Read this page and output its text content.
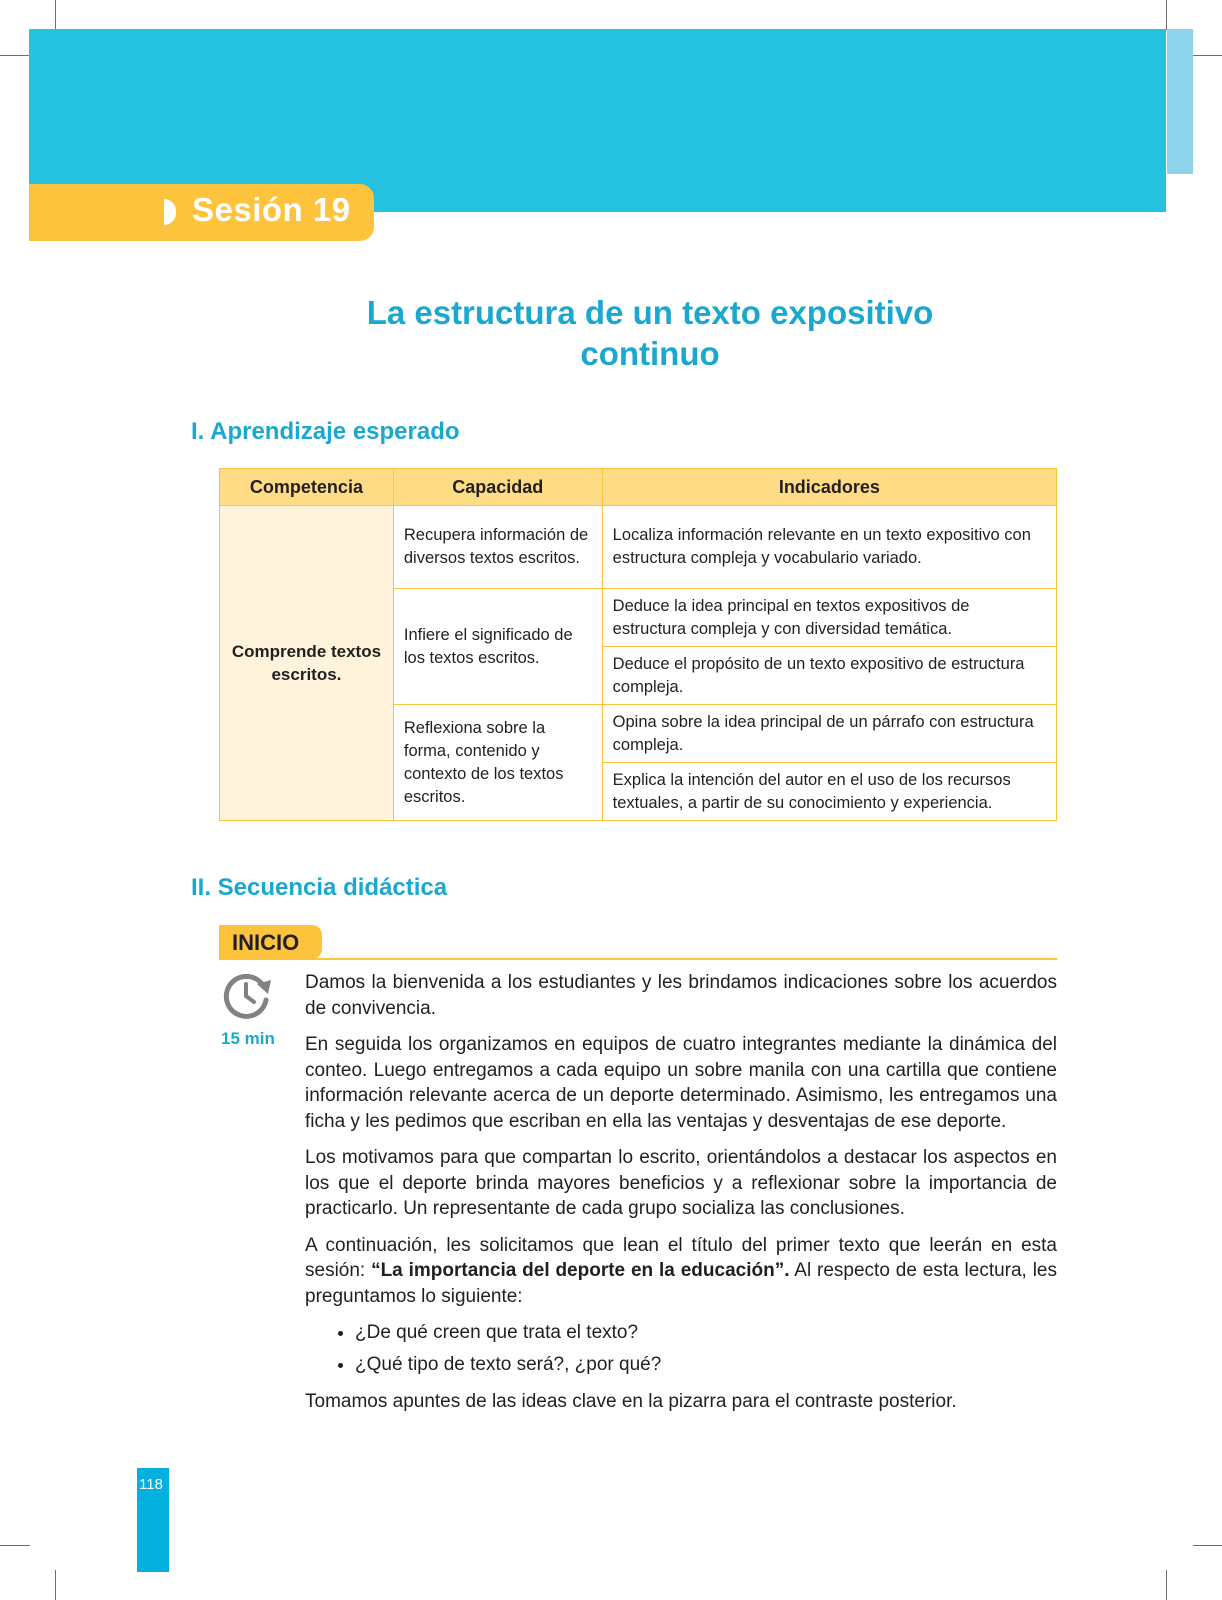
Sesión 19
La estructura de un texto expositivo
continuo
I. Aprendizaje esperado
Competencia	Capacidad	Indicadores
Comprende textos escritos.	Recupera información de diversos textos escritos.	Localiza información relevante en un texto expositivo con estructura compleja y vocabulario variado.
	Infiere el significado de los textos escritos.	Deduce la idea principal en textos expositivos de estructura compleja y con diversidad temática.
		Deduce el propósito de un texto expositivo de estructura compleja.
	Reflexiona sobre la forma, contenido y contexto de los textos escritos.	Opina sobre la idea principal de un párrafo con estructura compleja.
		Explica la intención del autor en el uso de los recursos textuales, a partir de su conocimiento y experiencia.
II. Secuencia didáctica
INICIO
15 min

Damos la bienvenida a los estudiantes y les brindamos indicaciones sobre los acuerdos de convivencia.

En seguida los organizamos en equipos de cuatro integrantes mediante la dinámica del conteo. Luego entregamos a cada equipo un sobre manila con una cartilla que contiene información relevante acerca de un deporte determinado. Asimismo, les entregamos una ficha y les pedimos que escriban en ella las ventajas y desventajas de ese deporte.

Los motivamos para que compartan lo escrito, orientándolos a destacar los aspectos en los que el deporte brinda mayores beneficios y a reflexionar sobre la importancia de practicarlo. Un representante de cada grupo socializa las conclusiones.

A continuación, les solicitamos que lean el título del primer texto que leerán en esta sesión: “La importancia del deporte en la educación”. Al respecto de esta lectura, les preguntamos lo siguiente:

• ¿De qué creen que trata el texto?
• ¿Qué tipo de texto será?, ¿por qué?

Tomamos apuntes de las ideas clave en la pizarra para el contraste posterior.

118
